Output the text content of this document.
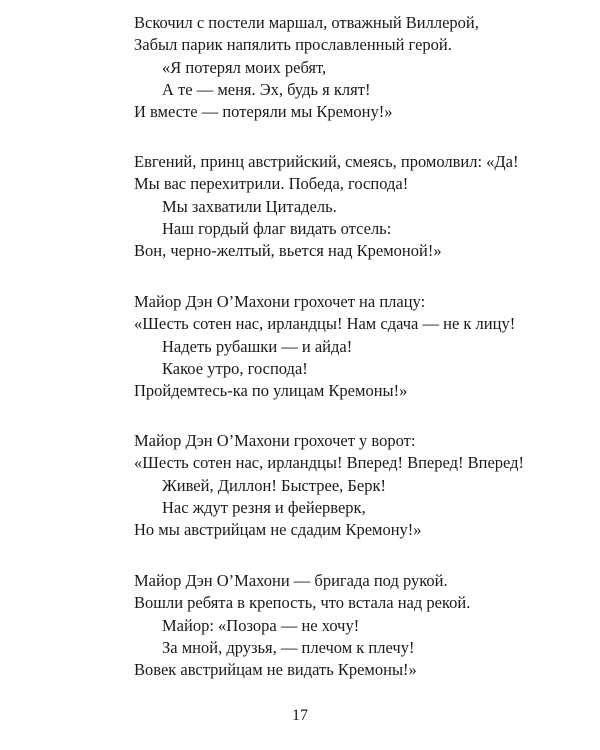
Вскочил с постели маршал, отважный Виллерой,
Забыл парик напялить прославленный герой.
«Я потерял моих ребят,
А те — меня. Эх, будь я клят!
И вместе — потеряли мы Кремону!»
Евгений, принц австрийский, смеясь, промолвил: «Да!
Мы вас перехитрили. Победа, господа!
Мы захватили Цитадель.
Наш гордый флаг видать отсель:
Вон, черно-желтый, вьется над Кремоной!»
Майор Дэн О’Махони грохочет на плацу:
«Шесть сотен нас, ирландцы! Нам сдача — не к лицу!
Надеть рубашки — и айда!
Какое утро, господа!
Пройдемтесь-ка по улицам Кремоны!»
Майор Дэн О’Махони грохочет у ворот:
«Шесть сотен нас, ирландцы! Вперед! Вперед! Вперед!
Живей, Диллон! Быстрее, Берк!
Нас ждут резня и фейерверк,
Но мы австрийцам не сдадим Кремону!»
Майор Дэн О’Махони — бригада под рукой.
Вошли ребята в крепость, что встала над рекой.
Майор: «Позора — не хочу!
За мной, друзья, — плечом к плечу!
Вовек австрийцам не видать Кремоны!»
17
